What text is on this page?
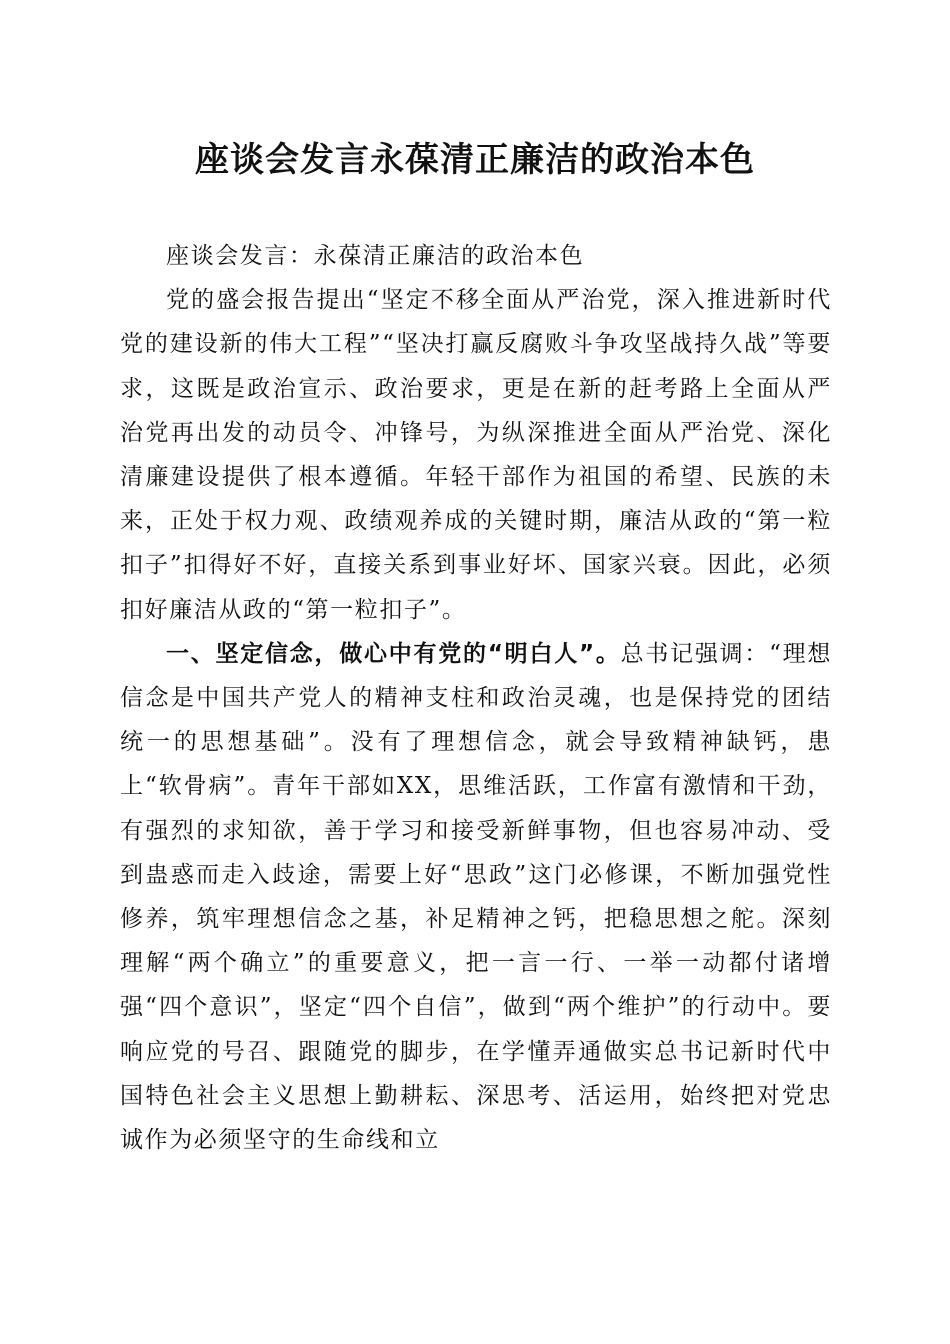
座谈会发言永葆清正廉洁的政治本色

座谈会发言：永葆清正廉洁的政治本色

党的盛会报告提出“坚定不移全面从严治党，深入推进新时代党的建设新的伟大工程”“坚决打赢反腐败斗争攻坚战持久战”等要求，这既是政治宣示、政治要求，更是在新的赶考路上全面从严治党再出发的动员令、冲锋号，为纵深推进全面从严治党、深化清廉建设提供了根本遵循。年轻干部作为祖国的希望、民族的未来，正处于权力观、政绩观养成的关键时期，廉洁从政的“第一粒扣子”扣得好不好，直接关系到事业好坏、国家兴衰。因此，必须扣好廉洁从政的“第一粒扣子”。

一、坚定信念，做心中有党的“明白人”。总书记强调：“理想信念是中国共产党人的精神支柱和政治灵魂，也是保持党的团结统一的思想基础”。没有了理想信念，就会导致精神缺钙，患上“软骨病”。青年干部如XX，思维活跃，工作富有激情和干劲，有强烈的求知欲，善于学习和接受新鲜事物，但也容易冲动、受到蛊惑而走入歧途，需要上好“思政”这门必修课，不断加强党性修养，筑牢理想信念之基，补足精神之钙，把稳思想之舵。深刻理解“两个确立”的重要意义，把一言一行、一举一动都付诸增强“四个意识”，坚定“四个自信”，做到“两个维护”的行动中。要响应党的号召、跟随党的脚步，在学懂弄通做实总书记新时代中国特色社会主义思想上勤耕耘、深思考、活运用，始终把对党忠诚作为必须坚守的生命线和立
